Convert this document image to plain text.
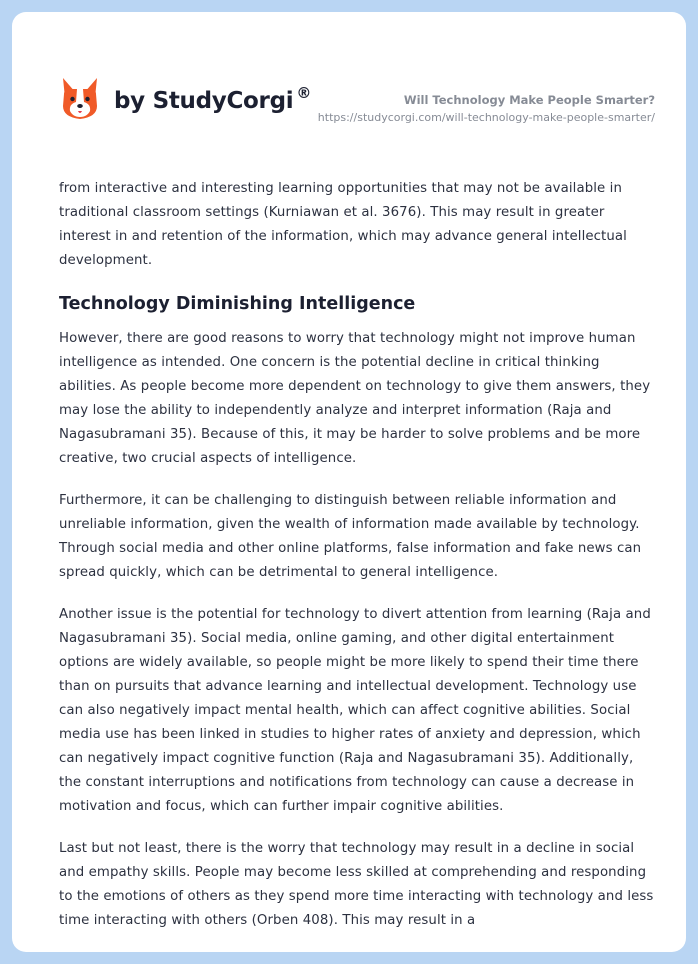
by StudyCorgi ®	Will Technology Make People Smarter?
https://studycorgi.com/will-technology-make-people-smarter/

from interactive and interesting learning opportunities that may not be available in traditional classroom settings (Kurniawan et al. 3676). This may result in greater interest in and retention of the information, which may advance general intellectual development.

Technology Diminishing Intelligence

However, there are good reasons to worry that technology might not improve human intelligence as intended. One concern is the potential decline in critical thinking abilities. As people become more dependent on technology to give them answers, they may lose the ability to independently analyze and interpret information (Raja and Nagasubramani 35). Because of this, it may be harder to solve problems and be more creative, two crucial aspects of intelligence.

Furthermore, it can be challenging to distinguish between reliable information and unreliable information, given the wealth of information made available by technology. Through social media and other online platforms, false information and fake news can spread quickly, which can be detrimental to general intelligence.

Another issue is the potential for technology to divert attention from learning (Raja and Nagasubramani 35). Social media, online gaming, and other digital entertainment options are widely available, so people might be more likely to spend their time there than on pursuits that advance learning and intellectual development. Technology use can also negatively impact mental health, which can affect cognitive abilities. Social media use has been linked in studies to higher rates of anxiety and depression, which can negatively impact cognitive function (Raja and Nagasubramani 35). Additionally, the constant interruptions and notifications from technology can cause a decrease in motivation and focus, which can further impair cognitive abilities.

Last but not least, there is the worry that technology may result in a decline in social and empathy skills. People may become less skilled at comprehending and responding to the emotions of others as they spend more time interacting with technology and less time interacting with others (Orben 408). This may result in a
